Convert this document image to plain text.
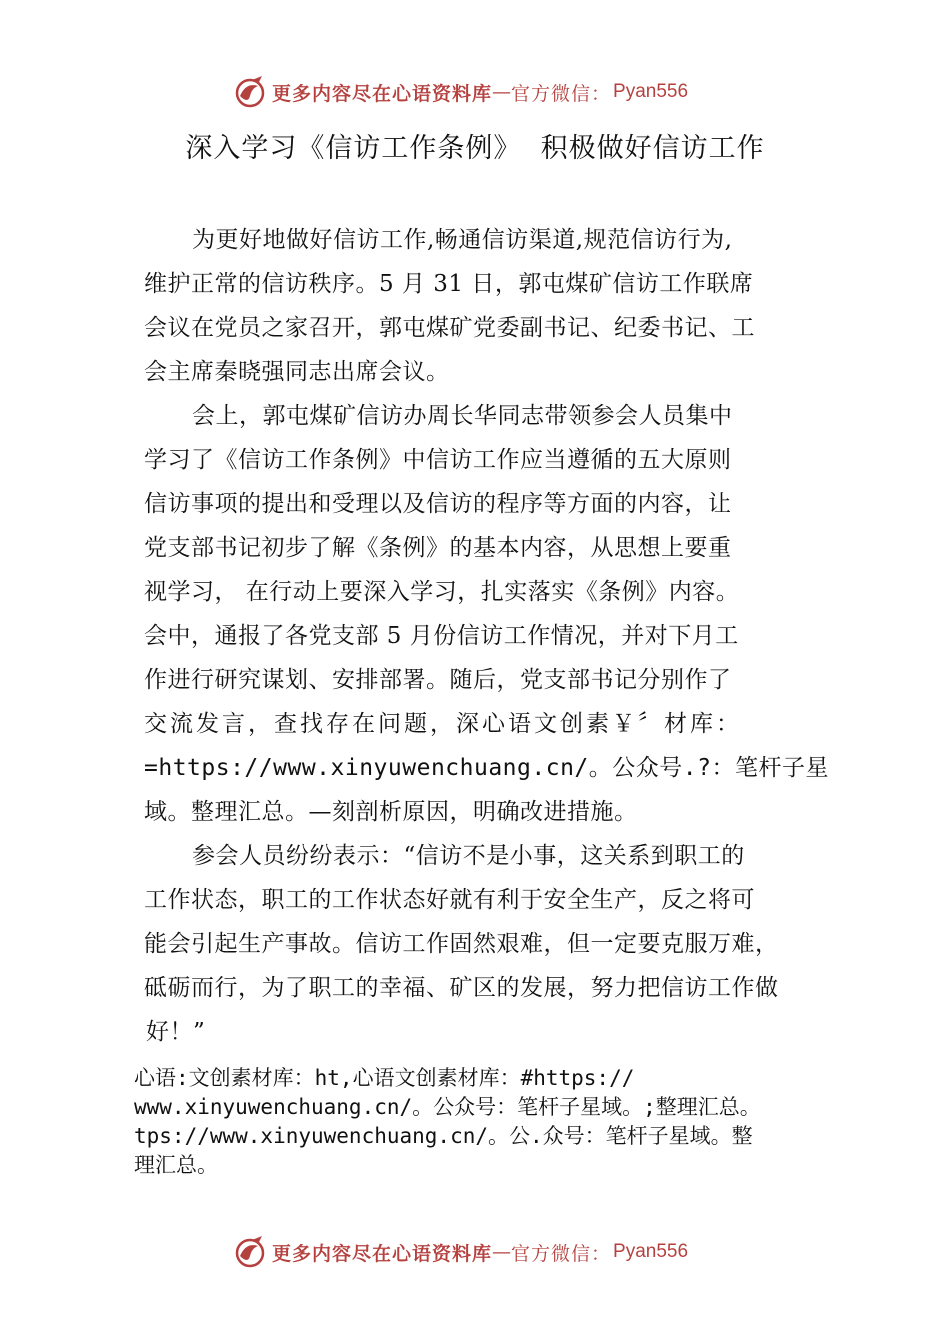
更多内容尽在心语资料库 — 官方微信： Pyan556
深入学习《信访工作条例》  积极做好信访工作
为更好地做好信访工作,畅通信访渠道,规范信访行为,
维护正常的信访秩序。5 月 31 日，郭屯煤矿信访工作联席
会议在党员之家召开，郭屯煤矿党委副书记、纪委书记、工
会主席秦晓强同志出席会议。
会上，郭屯煤矿信访办周长华同志带领参会人员集中
学习了《信访工作条例》中信访工作应当遵循的五大原则
信访事项的提出和受理以及信访的程序等方面的内容，让
党支部书记初步了解《条例》的基本内容，从思想上要重
视学习， 在行动上要深入学习，扎实落实《条例》内容。
会中，通报了各党支部 5 月份信访工作情况，并对下月工
作进行研究谋划、安排部署。随后，党支部书记分别作了
交流发言，查找存在问题，深心语文创素￥〞材库：
=https://www.xinyuwenchuang.cn/。公众号.?：笔杆子星
域。整理汇总。—刻剖析原因，明确改进措施。
参会人员纷纷表示：“信访不是小事，这关系到职工的
工作状态，职工的工作状态好就有利于安全生产，反之将可
能会引起生产事故。信访工作固然艰难，但一定要克服万难，
砥砺而行，为了职工的幸福、矿区的发展，努力把信访工作做
好！”
心语:文创素材库：ht,心语文创素材库：#https://
www.xinyuwenchuang.cn/。公众号：笔杆子星域。;整理汇总。
tps://www.xinyuwenchuang.cn/。公.众号：笔杆子星域。整
理汇总。
更多内容尽在心语资料库 — 官方微信： Pyan556
